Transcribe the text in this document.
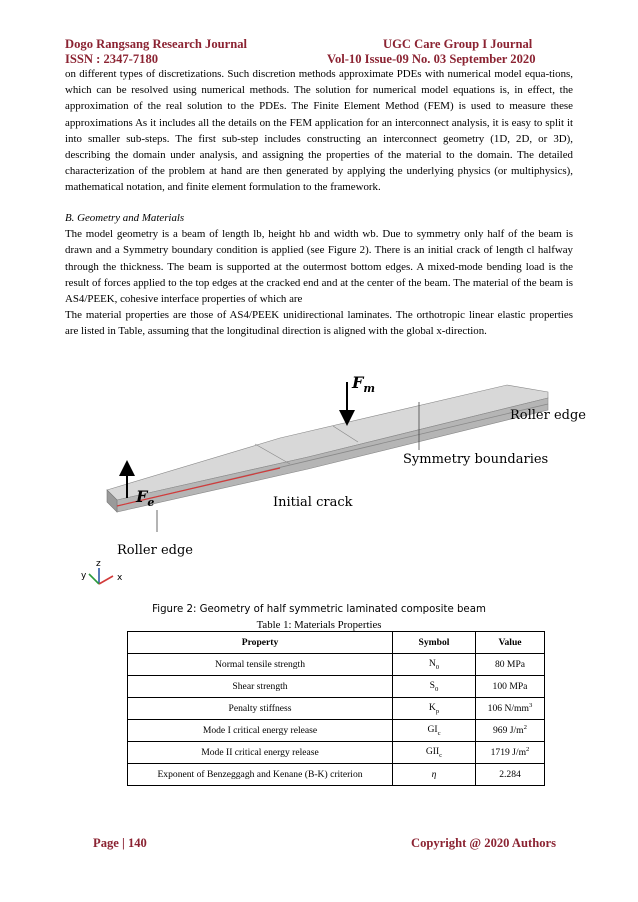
Dogo Rangsang Research Journal	UGC Care Group I Journal
ISSN : 2347-7180	Vol-10 Issue-09 No. 03 September 2020

on different types of discretizations. Such discretion methods approximate PDEs with numerical model equa-tions, which can be resolved using numerical methods. The solution for numerical model equations is, in effect, the approximation of the real solution to the PDEs. The Finite Element Method (FEM) is used to measure these approximations As it includes all the details on the FEM application for an interconnect analysis, it is easy to split it into smaller sub-steps. The first sub-step includes constructing an interconnect geometry (1D, 2D, or 3D), describing the domain under analysis, and assigning the properties of the material to the domain. The detailed characterization of the problem at hand are then generated by applying the underlying physics (or multiphysics), mathematical notation, and finite element formulation to the framework.

B. Geometry and Materials

The model geometry is a beam of length lb, height hb and width wb. Due to symmetry only half of the beam is drawn and a Symmetry boundary condition is applied (see Figure 2). There is an initial crack of length cl halfway through the thickness. The beam is supported at the outermost bottom edges. A mixed-mode bending load is the result of forces applied to the top edges at the cracked end and at the center of the beam. The material of the beam is AS4/PEEK, cohesive interface properties of which are

The material properties are those of AS4/PEEK unidirectional laminates. The orthotropic linear elastic properties are listed in Table, assuming that the longitudinal direction is aligned with the global x-direction.

$F_m$
$F_e$
Roller edge
Symmetry boundaries
Initial crack
Roller edge
z
y	x
Figure 2: Geometry of half symmetric laminated composite beam
Table 1: Materials Properties
Property	Symbol	Value
Normal tensile strength	$N_0$	80 MPa
Shear strength	$S_0$	100 MPa
Penalty stiffness	$K_p$	106 $N/mm^3$
Mode I critical energy release	$GI_c$	969 $J/m^2$
Mode II critical energy release	$GII_c$	1719 $J/m^2$
Exponent of Benzeggagh and Kenane (B-K) criterion	η	2.284
Page | 140	Copyright @ 2020 Authors
